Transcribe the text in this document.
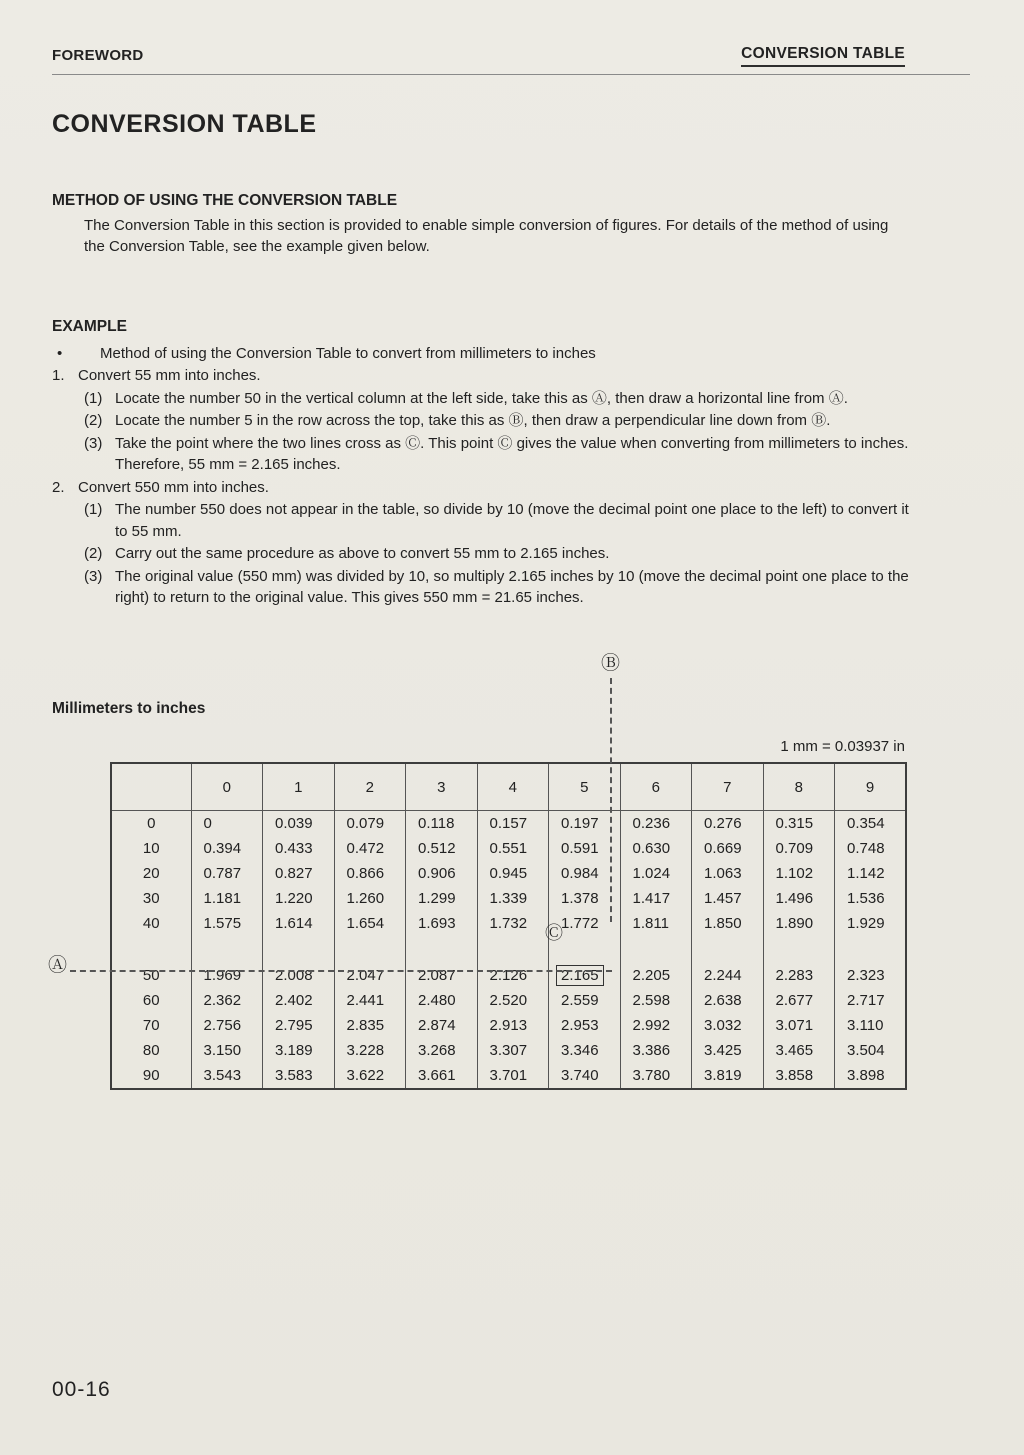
FOREWORD	CONVERSION TABLE
CONVERSION TABLE
METHOD OF USING THE CONVERSION TABLE
The Conversion Table in this section is provided to enable simple conversion of figures. For details of the method of using the Conversion Table, see the example given below.
EXAMPLE
•	Method of using the Conversion Table to convert from millimeters to inches
1. Convert 55 mm into inches.
(1) Locate the number 50 in the vertical column at the left side, take this as Ⓐ, then draw a horizontal line from Ⓐ.
(2) Locate the number 5 in the row across the top, take this as Ⓑ, then draw a perpendicular line down from Ⓑ.
(3) Take the point where the two lines cross as Ⓒ. This point Ⓒ gives the value when converting from millimeters to inches. Therefore, 55 mm = 2.165 inches.
2. Convert 550 mm into inches.
(1) The number 550 does not appear in the table, so divide by 10 (move the decimal point one place to the left) to convert it to 55 mm.
(2) Carry out the same procedure as above to convert 55 mm to 2.165 inches.
(3) The original value (550 mm) was divided by 10, so multiply 2.165 inches by 10 (move the decimal point one place to the right) to return to the original value. This gives 550 mm = 21.65 inches.
Millimeters to inches
1 mm = 0.03937 in
	0	1	2	3	4	5	6	7	8	9
0	0	0.039	0.079	0.118	0.157	0.197	0.236	0.276	0.315	0.354
10	0.394	0.433	0.472	0.512	0.551	0.591	0.630	0.669	0.709	0.748
20	0.787	0.827	0.866	0.906	0.945	0.984	1.024	1.063	1.102	1.142
30	1.181	1.220	1.260	1.299	1.339	1.378	1.417	1.457	1.496	1.536
40	1.575	1.614	1.654	1.693	1.732	1.772	1.811	1.850	1.890	1.929
50	1.969	2.008	2.047	2.087	2.126	2.165	2.205	2.244	2.283	2.323
60	2.362	2.402	2.441	2.480	2.520	2.559	2.598	2.638	2.677	2.717
70	2.756	2.795	2.835	2.874	2.913	2.953	2.992	3.032	3.071	3.110
80	3.150	3.189	3.228	3.268	3.307	3.346	3.386	3.425	3.465	3.504
90	3.543	3.583	3.622	3.661	3.701	3.740	3.780	3.819	3.858	3.898
Ⓑ
Ⓐ
Ⓒ
00-16
